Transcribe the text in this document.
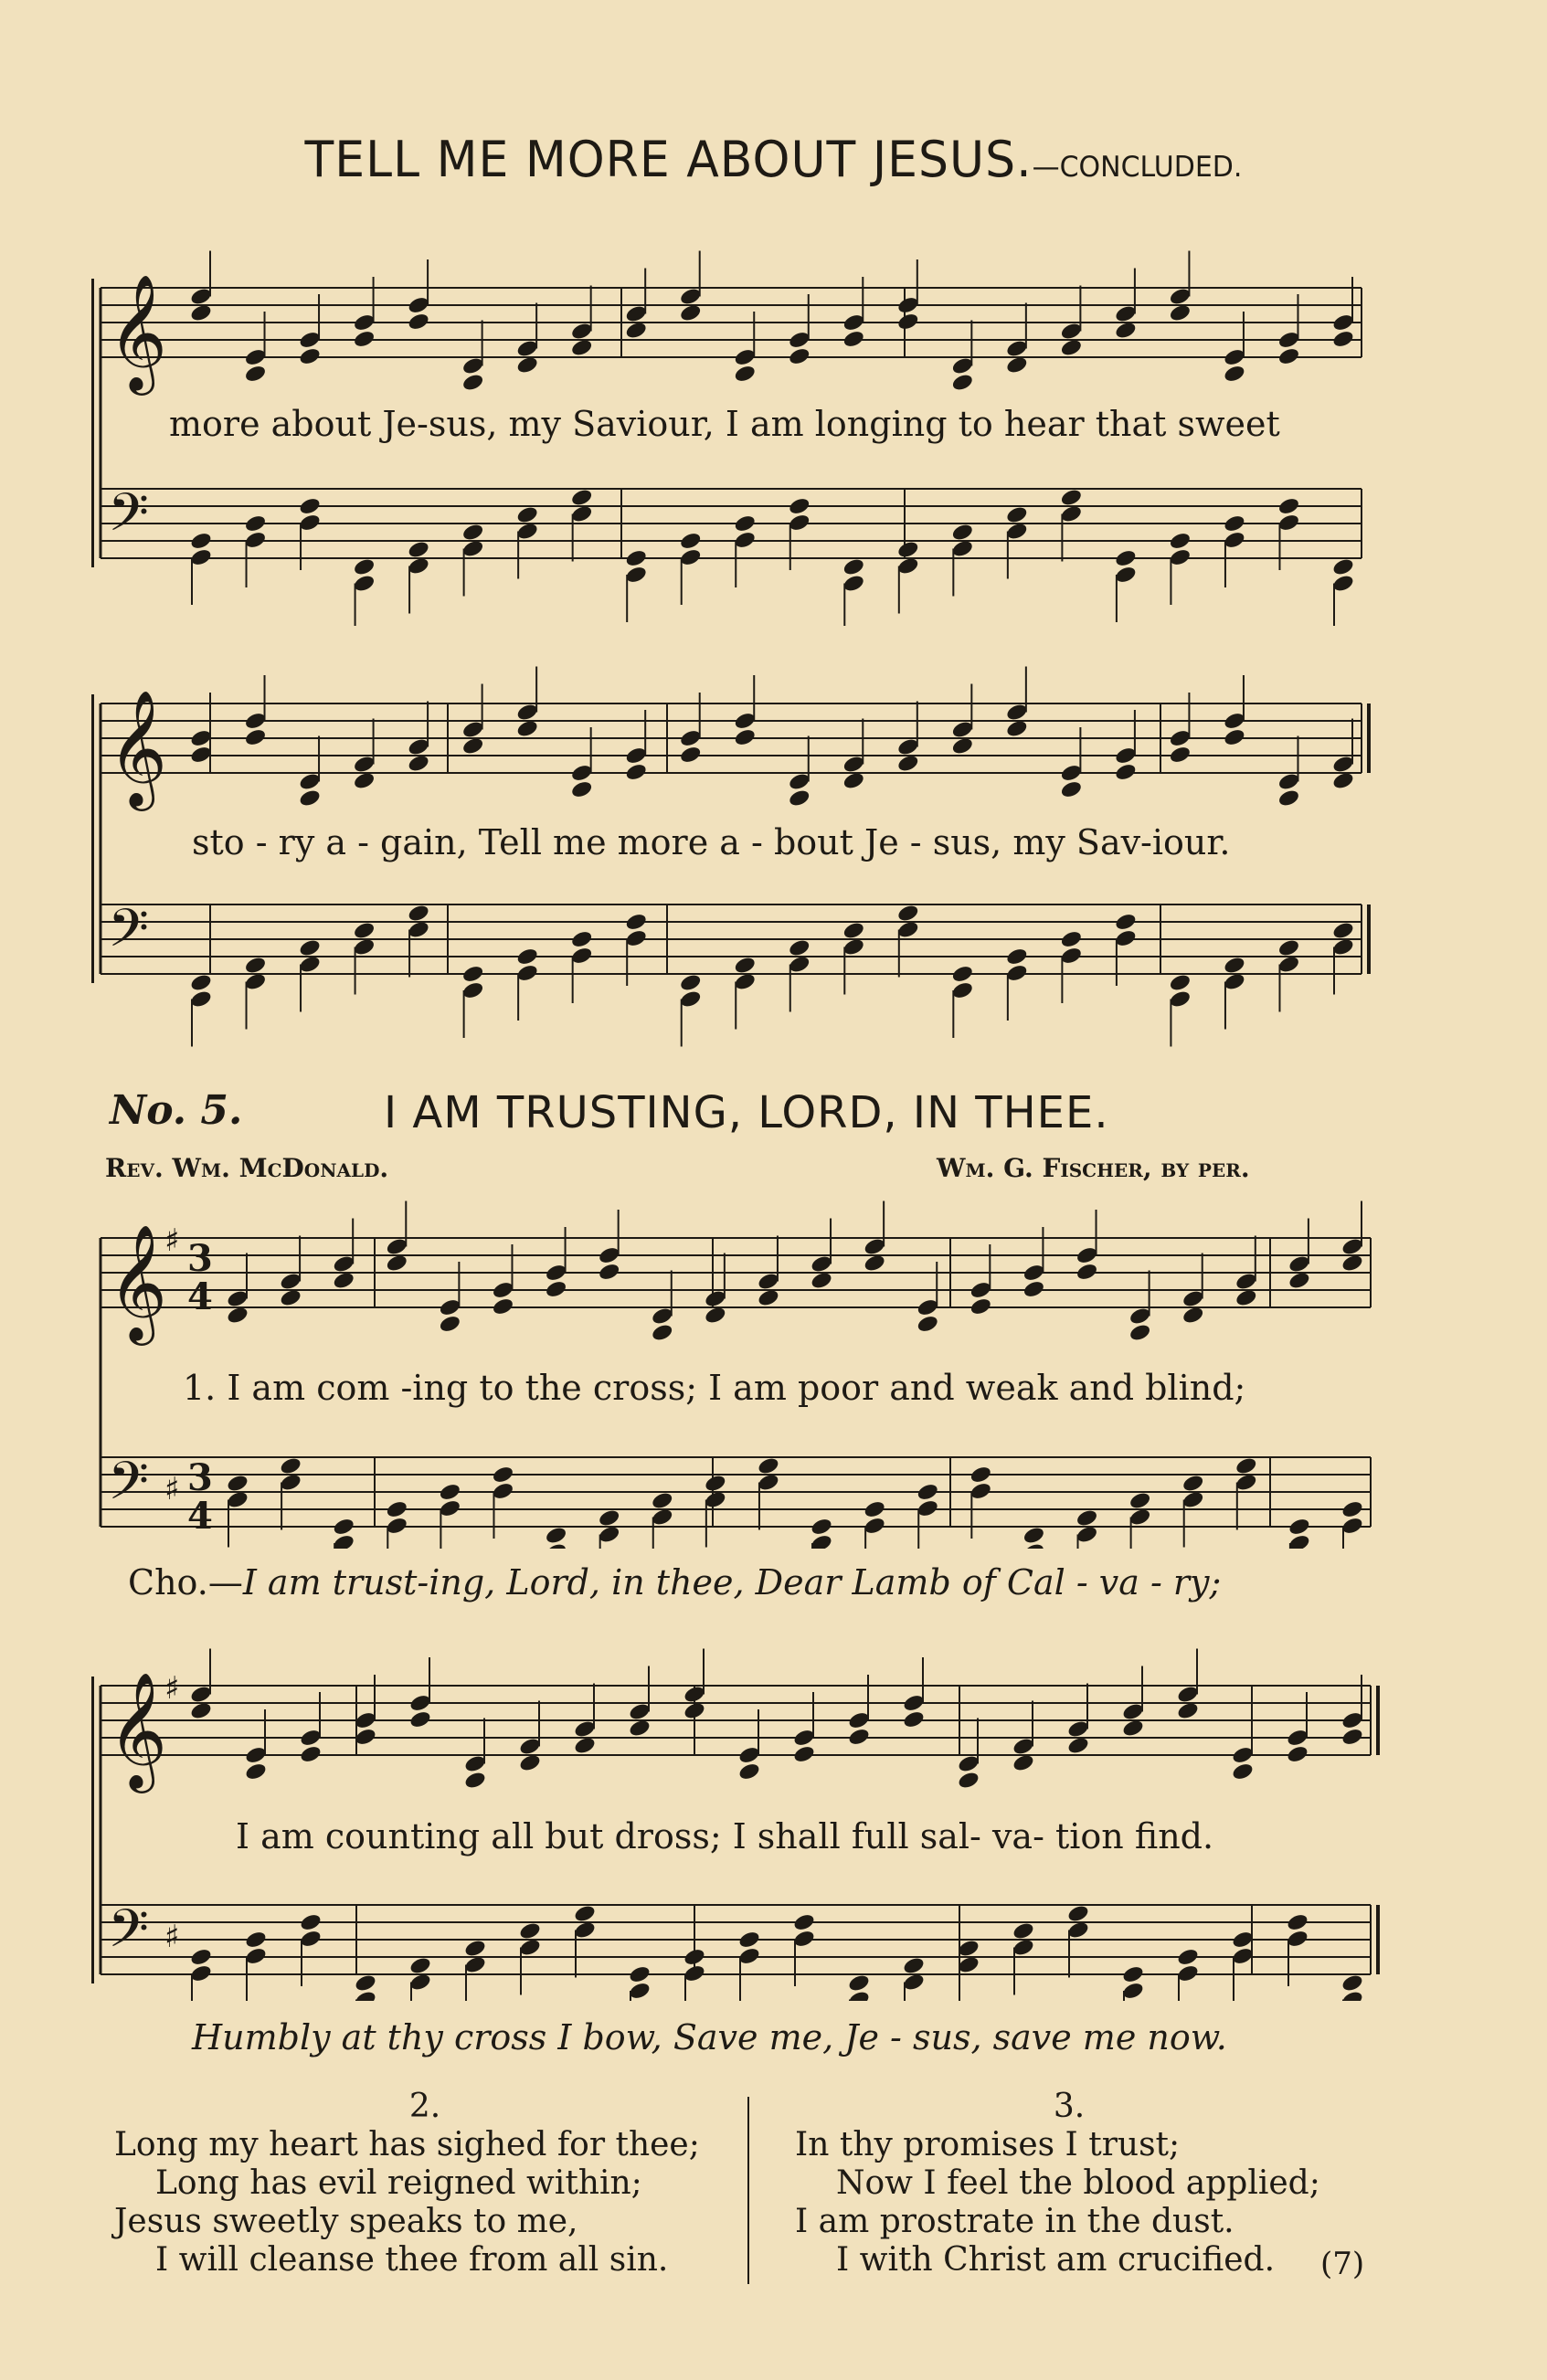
TELL ME MORE ABOUT JESUS.—CONCLUDED.
𝄞
𝄢
more about Je-sus, my Saviour, I am longing to hear that sweet
𝄞
𝄢
sto - ry a - gain, Tell me more a - bout Je - sus, my Sav-iour.
No. 5.	I AM TRUSTING, LORD, IN THEE.
Rev. Wm. McDonald.	Wm. G. Fischer, by per.
𝄞
♯ 3
4
𝄢 ♯ 3
4
1. I am com -ing to the cross; I am poor and weak and blind;
Cho.—I am trust-ing, Lord, in thee, Dear Lamb of Cal - va - ry;
𝄞
♯
𝄢 ♯
I am counting all but dross; I shall full sal- va- tion find.
Humbly at thy cross I bow, Save me, Je - sus, save me now.
2.
Long my heart has sighed for thee;
Long has evil reigned within;
Jesus sweetly speaks to me,
I will cleanse thee from all sin.
3.
In thy promises I trust;
Now I feel the blood applied;
I am prostrate in the dust.
I with Christ am crucified.	(7)
